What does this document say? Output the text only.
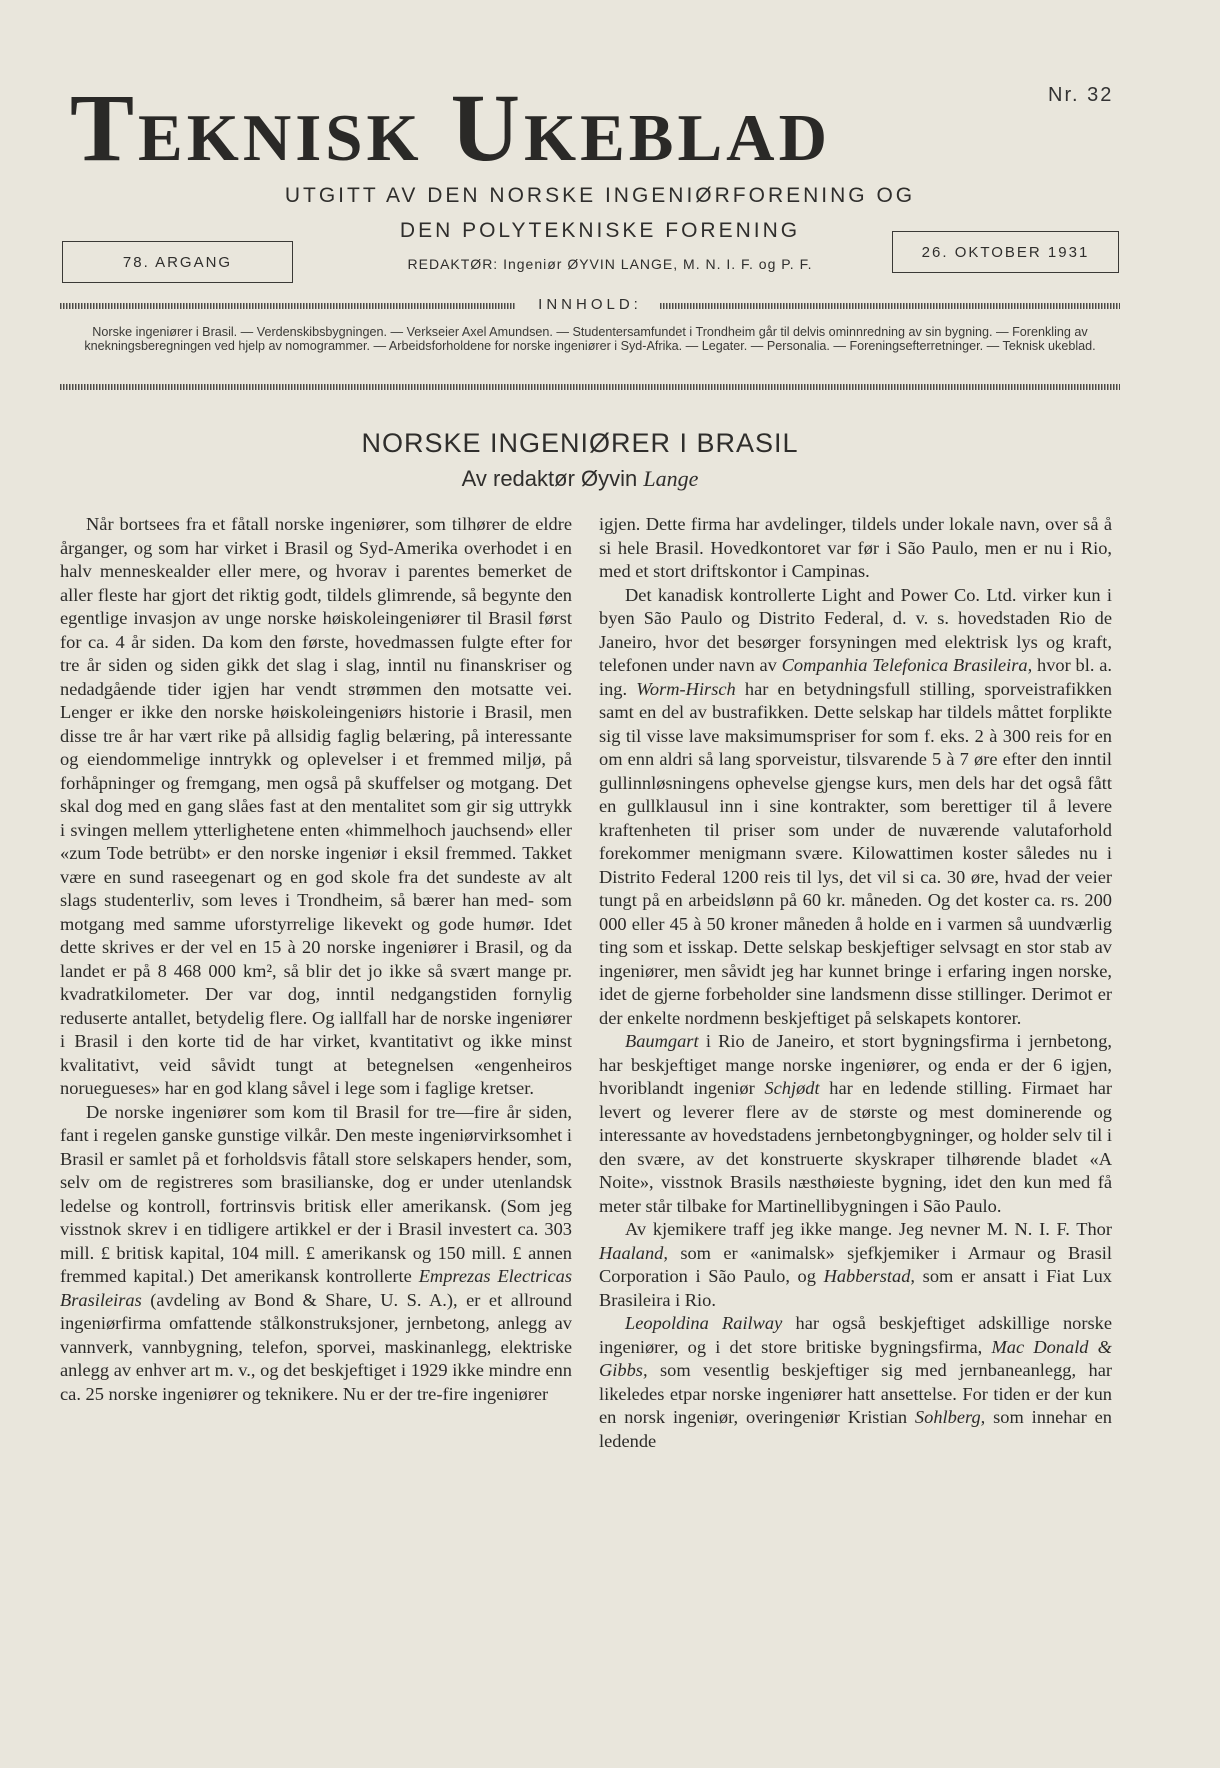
Teknisk Ukeblad	Nr. 32
UTGITT AV DEN NORSKE INGENIØRFORENING OG
DEN POLYTEKNISKE FORENING
REDAKTØR: Ingeniør ØYVIN LANGE, M. N. I. F. og P. F.
78. ARGANG
26. OKTOBER 1931
INNHOLD:
Norske ingeniører i Brasil. — Verdenskibsbygningen. — Verkseier Axel Amundsen. — Studentersamfundet i Trondheim går til delvis ominnredning av sin bygning. — Forenkling av knekningsberegningen ved hjelp av nomogrammer. — Arbeidsforholdene for norske ingeniører i Syd-Afrika. — Legater. — Personalia. — Foreningsefterretninger. — Teknisk ukeblad.
NORSKE INGENIØRER I BRASIL
Av redaktør Øyvin Lange

Når bortsees fra et fåtall norske ingeniører, som tilhører de eldre årganger, og som har virket i Brasil og Syd-Amerika overhodet i en halv menneskealder eller mere, og hvorav i parentes bemerket de aller fleste har gjort det riktig godt, tildels glimrende, så begynte den egentlige invasjon av unge norske høiskoleingeniører til Brasil først for ca. 4 år siden. Da kom den første, hovedmassen fulgte efter for tre år siden og siden gikk det slag i slag, inntil nu finanskriser og nedadgående tider igjen har vendt strømmen den motsatte vei. Lenger er ikke den norske høiskoleingeniørs historie i Brasil, men disse tre år har vært rike på allsidig faglig belæring, på interessante og eiendommelige inntrykk og oplevelser i et fremmed miljø, på forhåpninger og fremgang, men også på skuffelser og motgang. Det skal dog med en gang slåes fast at den mentalitet som gir sig uttrykk i svingen mellem ytterlighetene enten «himmelhoch jauchsend» eller «zum Tode betrübt» er den norske ingeniør i eksil fremmed. Takket være en sund raseegenart og en god skole fra det sundeste av alt slags studenterliv, som leves i Trondheim, så bærer han med- som motgang med samme uforstyrrelige likevekt og gode humør. Idet dette skrives er der vel en 15 à 20 norske ingeniører i Brasil, og da landet er på 8 468 000 km², så blir det jo ikke så svært mange pr. kvadratkilometer. Der var dog, inntil nedgangstiden fornylig reduserte antallet, betydelig flere. Og iallfall har de norske ingeniører i Brasil i den korte tid de har virket, kvantitativt og ikke minst kvalitativt, veid såvidt tungt at betegnelsen «engenheiros noruegueses» har en god klang såvel i lege som i faglige kretser.

De norske ingeniører som kom til Brasil for tre—fire år siden, fant i regelen ganske gunstige vilkår. Den meste ingeniørvirksomhet i Brasil er samlet på et forholdsvis fåtall store selskapers hender, som, selv om de registreres som brasilianske, dog er under utenlandsk ledelse og kontroll, fortrinsvis britisk eller amerikansk. (Som jeg visstnok skrev i en tidligere artikkel er der i Brasil investert ca. 303 mill. £ britisk kapital, 104 mill. £ amerikansk og 150 mill. £ annen fremmed kapital.) Det amerikansk kontrollerte Emprezas Electricas Brasileiras (avdeling av Bond & Share, U. S. A.), er et allround ingeniørfirma omfattende stålkonstruksjoner, jernbetong, anlegg av vannverk, vannbygning, telefon, sporvei, maskinanlegg, elektriske anlegg av enhver art m. v., og det beskjeftiget i 1929 ikke mindre enn ca. 25 norske ingeniører og teknikere. Nu er der tre-fire ingeniører

igjen. Dette firma har avdelinger, tildels under lokale navn, over så å si hele Brasil. Hovedkontoret var før i São Paulo, men er nu i Rio, med et stort driftskontor i Campinas.

Det kanadisk kontrollerte Light and Power Co. Ltd. virker kun i byen São Paulo og Distrito Federal, d. v. s. hovedstaden Rio de Janeiro, hvor det besørger forsyningen med elektrisk lys og kraft, telefonen under navn av Companhia Telefonica Brasileira, hvor bl. a. ing. Worm-Hirsch har en betydningsfull stilling, sporveistrafikken samt en del av bustrafikken. Dette selskap har tildels måttet forplikte sig til visse lave maksimumspriser for som f. eks. 2 à 300 reis for en om enn aldri så lang sporveistur, tilsvarende 5 à 7 øre efter den inntil gullinnløsningens ophevelse gjengse kurs, men dels har det også fått en gullklausul inn i sine kontrakter, som berettiger til å levere kraftenheten til priser som under de nuværende valutaforhold forekommer menigmann svære. Kilowattimen koster således nu i Distrito Federal 1200 reis til lys, det vil si ca. 30 øre, hvad der veier tungt på en arbeidslønn på 60 kr. måneden. Og det koster ca. rs. 200 000 eller 45 à 50 kroner måneden å holde en i varmen så uundværlig ting som et isskap. Dette selskap beskjeftiger selvsagt en stor stab av ingeniører, men såvidt jeg har kunnet bringe i erfaring ingen norske, idet de gjerne forbeholder sine landsmenn disse stillinger. Derimot er der enkelte nordmenn beskjeftiget på selskapets kontorer.

Baumgart i Rio de Janeiro, et stort bygningsfirma i jernbetong, har beskjeftiget mange norske ingeniører, og enda er der 6 igjen, hvoriblandt ingeniør Schjødt har en ledende stilling. Firmaet har levert og leverer flere av de største og mest dominerende og interessante av hovedstadens jernbetongbygninger, og holder selv til i den svære, av det konstruerte skyskraper tilhørende bladet «A Noite», visstnok Brasils næsthøieste bygning, idet den kun med få meter står tilbake for Martinellibygningen i São Paulo.

Av kjemikere traff jeg ikke mange. Jeg nevner M. N. I. F. Thor Haaland, som er «animalsk» sjefkjemiker i Armaur og Brasil Corporation i São Paulo, og Habberstad, som er ansatt i Fiat Lux Brasileira i Rio.

Leopoldina Railway har også beskjeftiget adskillige norske ingeniører, og i det store britiske bygningsfirma, Mac Donald & Gibbs, som vesentlig beskjeftiger sig med jernbaneanlegg, har likeledes etpar norske ingeniører hatt ansettelse. For tiden er der kun en norsk ingeniør, overingeniør Kristian Sohlberg, som innehar en ledende
